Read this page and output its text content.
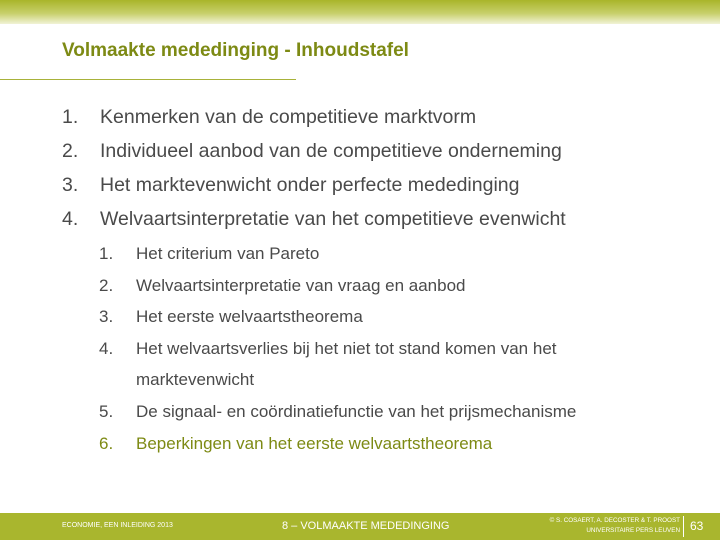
Volmaakte mededinging - Inhoudstafel
1.	Kenmerken van de competitieve marktvorm
2.	Individueel aanbod van de competitieve onderneming
3.	Het marktevenwicht onder perfecte mededinging
4.	Welvaartsinterpretatie van het competitieve evenwicht
1.	Het criterium van Pareto
2.	Welvaartsinterpretatie van vraag en aanbod
3.	Het eerste welvaartstheorema
4.	Het welvaartsverlies bij het niet tot stand komen van het marktevenwicht
5.	De signaal- en coördinatiefunctie van het prijsmechanisme
6.	Beperkingen van het eerste welvaartstheorema
ECONOMIE, EEN INLEIDING 2013	8 – VOLMAAKTE MEDEDINGING	© S. COSAERT, A. DECOSTER & T. PROOST
UNIVERSITAIRE PERS LEUVEN 63
